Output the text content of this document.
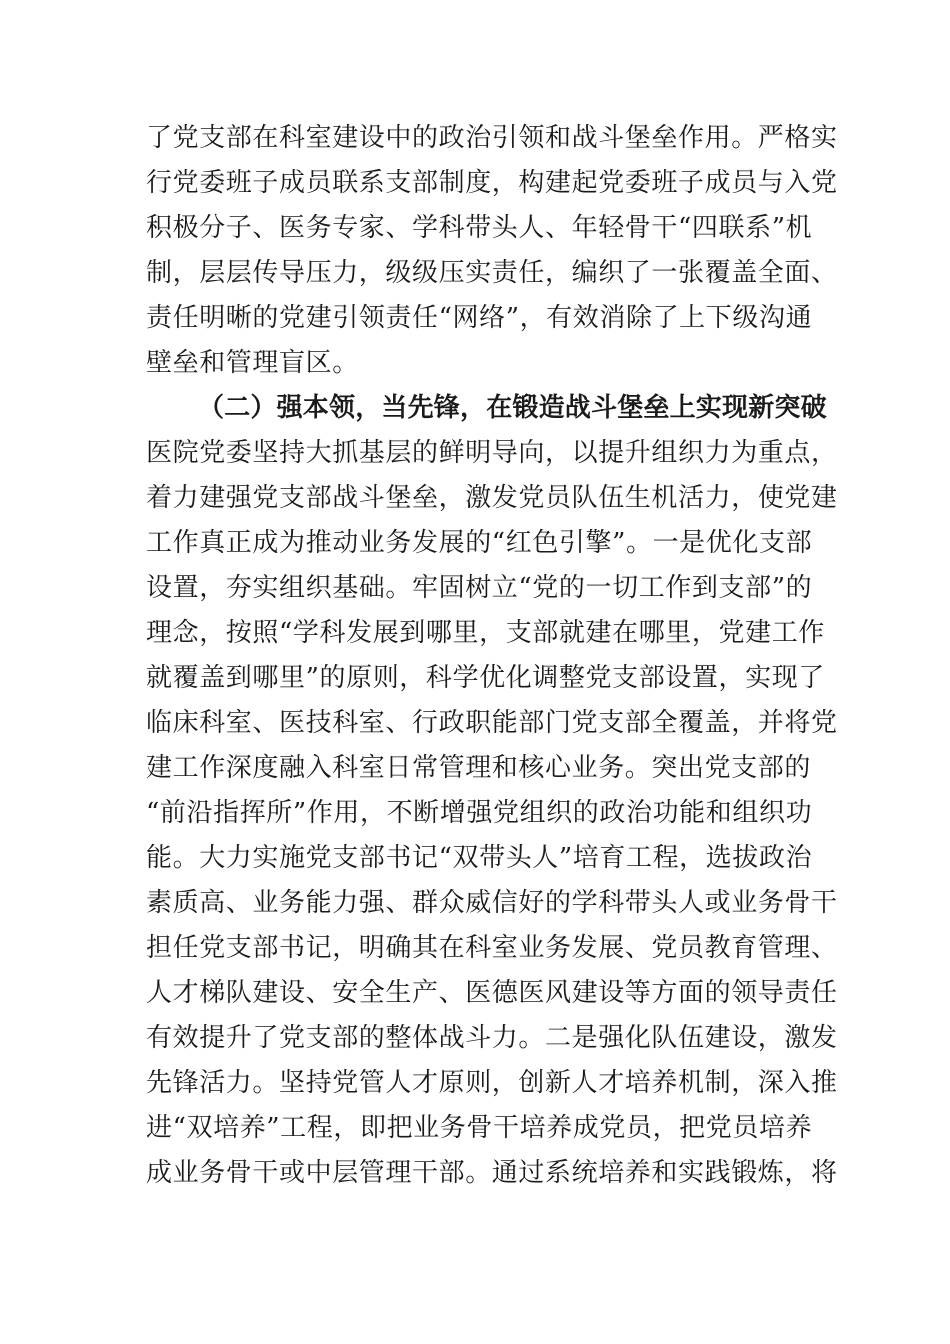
了党支部在科室建设中的政治引领和战斗堡垒作用。严格实
行党委班子成员联系支部制度，构建起党委班子成员与入党
积极分子、医务专家、学科带头人、年轻骨干“四联系”机
制，层层传导压力，级级压实责任，编织了一张覆盖全面、
责任明晰的党建引领责任“网络”，有效消除了上下级沟通
壁垒和管理盲区。
（二）强本领，当先锋，在锻造战斗堡垒上实现新突破
医院党委坚持大抓基层的鲜明导向，以提升组织力为重点，
着力建强党支部战斗堡垒，激发党员队伍生机活力，使党建
工作真正成为推动业务发展的“红色引擎”。一是优化支部
设置，夯实组织基础。牢固树立“党的一切工作到支部”的
理念，按照“学科发展到哪里，支部就建在哪里，党建工作
就覆盖到哪里”的原则，科学优化调整党支部设置，实现了
临床科室、医技科室、行政职能部门党支部全覆盖，并将党
建工作深度融入科室日常管理和核心业务。突出党支部的
“前沿指挥所”作用，不断增强党组织的政治功能和组织功
能。大力实施党支部书记“双带头人”培育工程，选拔政治
素质高、业务能力强、群众威信好的学科带头人或业务骨干
担任党支部书记，明确其在科室业务发展、党员教育管理、
人才梯队建设、安全生产、医德医风建设等方面的领导责任
有效提升了党支部的整体战斗力。二是强化队伍建设，激发
先锋活力。坚持党管人才原则，创新人才培养机制，深入推
进“双培养”工程，即把业务骨干培养成党员，把党员培养
成业务骨干或中层管理干部。通过系统培养和实践锻炼，将
